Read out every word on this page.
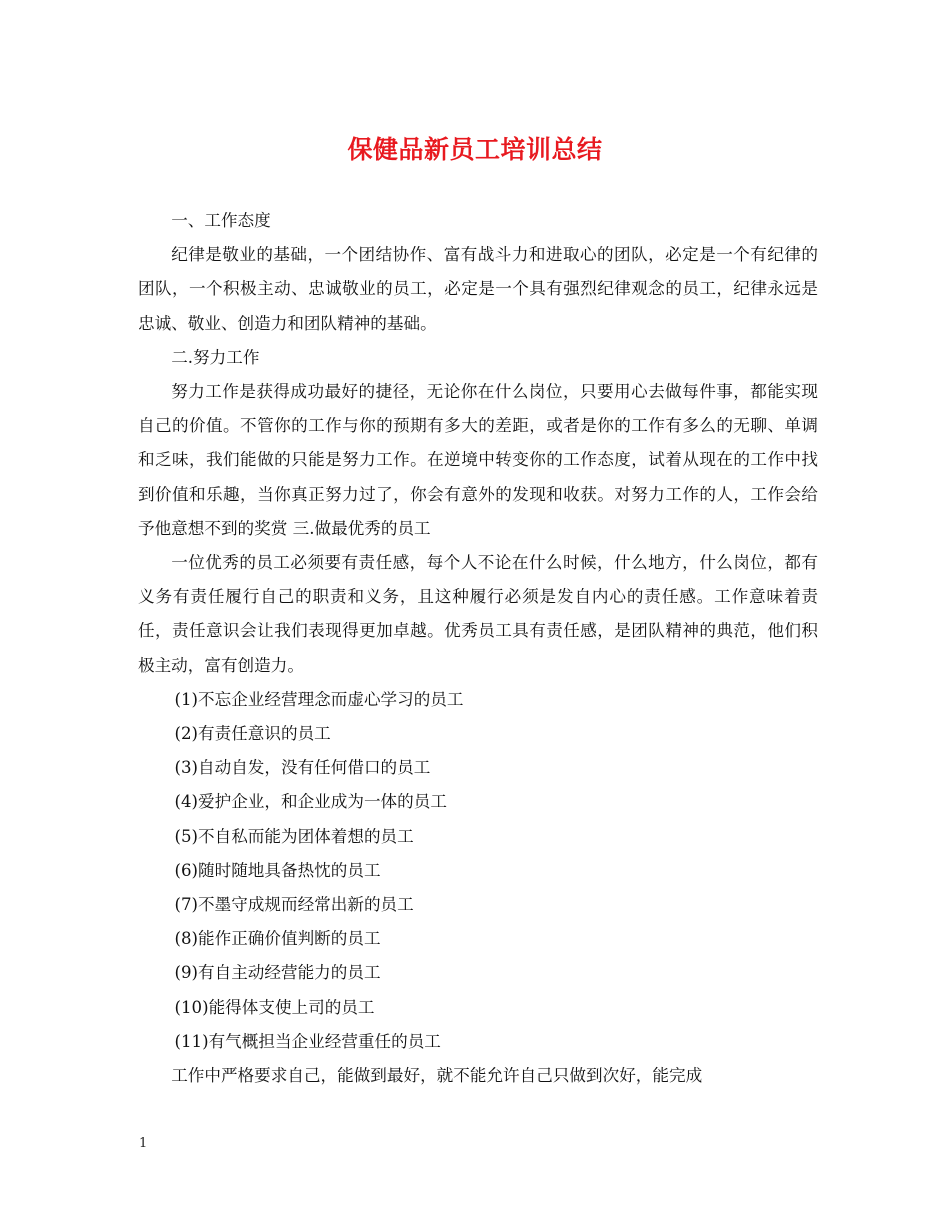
保健品新员工培训总结

一、工作态度

纪律是敬业的基础，一个团结协作、富有战斗力和进取心的团队，必定是一个有纪律的团队，一个积极主动、忠诚敬业的员工，必定是一个具有强烈纪律观念的员工，纪律永远是忠诚、敬业、创造力和团队精神的基础。

二.努力工作

努力工作是获得成功最好的捷径，无论你在什么岗位，只要用心去做每件事，都能实现自己的价值。不管你的工作与你的预期有多大的差距，或者是你的工作有多么的无聊、单调和乏味，我们能做的只能是努力工作。在逆境中转变你的工作态度，试着从现在的工作中找到价值和乐趣，当你真正努力过了，你会有意外的发现和收获。对努力工作的人，工作会给予他意想不到的奖赏 三.做最优秀的员工

一位优秀的员工必须要有责任感，每个人不论在什么时候，什么地方，什么岗位，都有义务有责任履行自己的职责和义务，且这种履行必须是发自内心的责任感。工作意味着责任，责任意识会让我们表现得更加卓越。优秀员工具有责任感，是团队精神的典范，他们积极主动，富有创造力。

(1)不忘企业经营理念而虚心学习的员工

(2)有责任意识的员工

(3)自动自发，没有任何借口的员工

(4)爱护企业，和企业成为一体的员工

(5)不自私而能为团体着想的员工

(6)随时随地具备热忱的员工

(7)不墨守成规而经常出新的员工

(8)能作正确价值判断的员工

(9)有自主动经营能力的员工

(10)能得体支使上司的员工

(11)有气概担当企业经营重任的员工

工作中严格要求自己，能做到最好，就不能允许自己只做到次好，能完成

1
